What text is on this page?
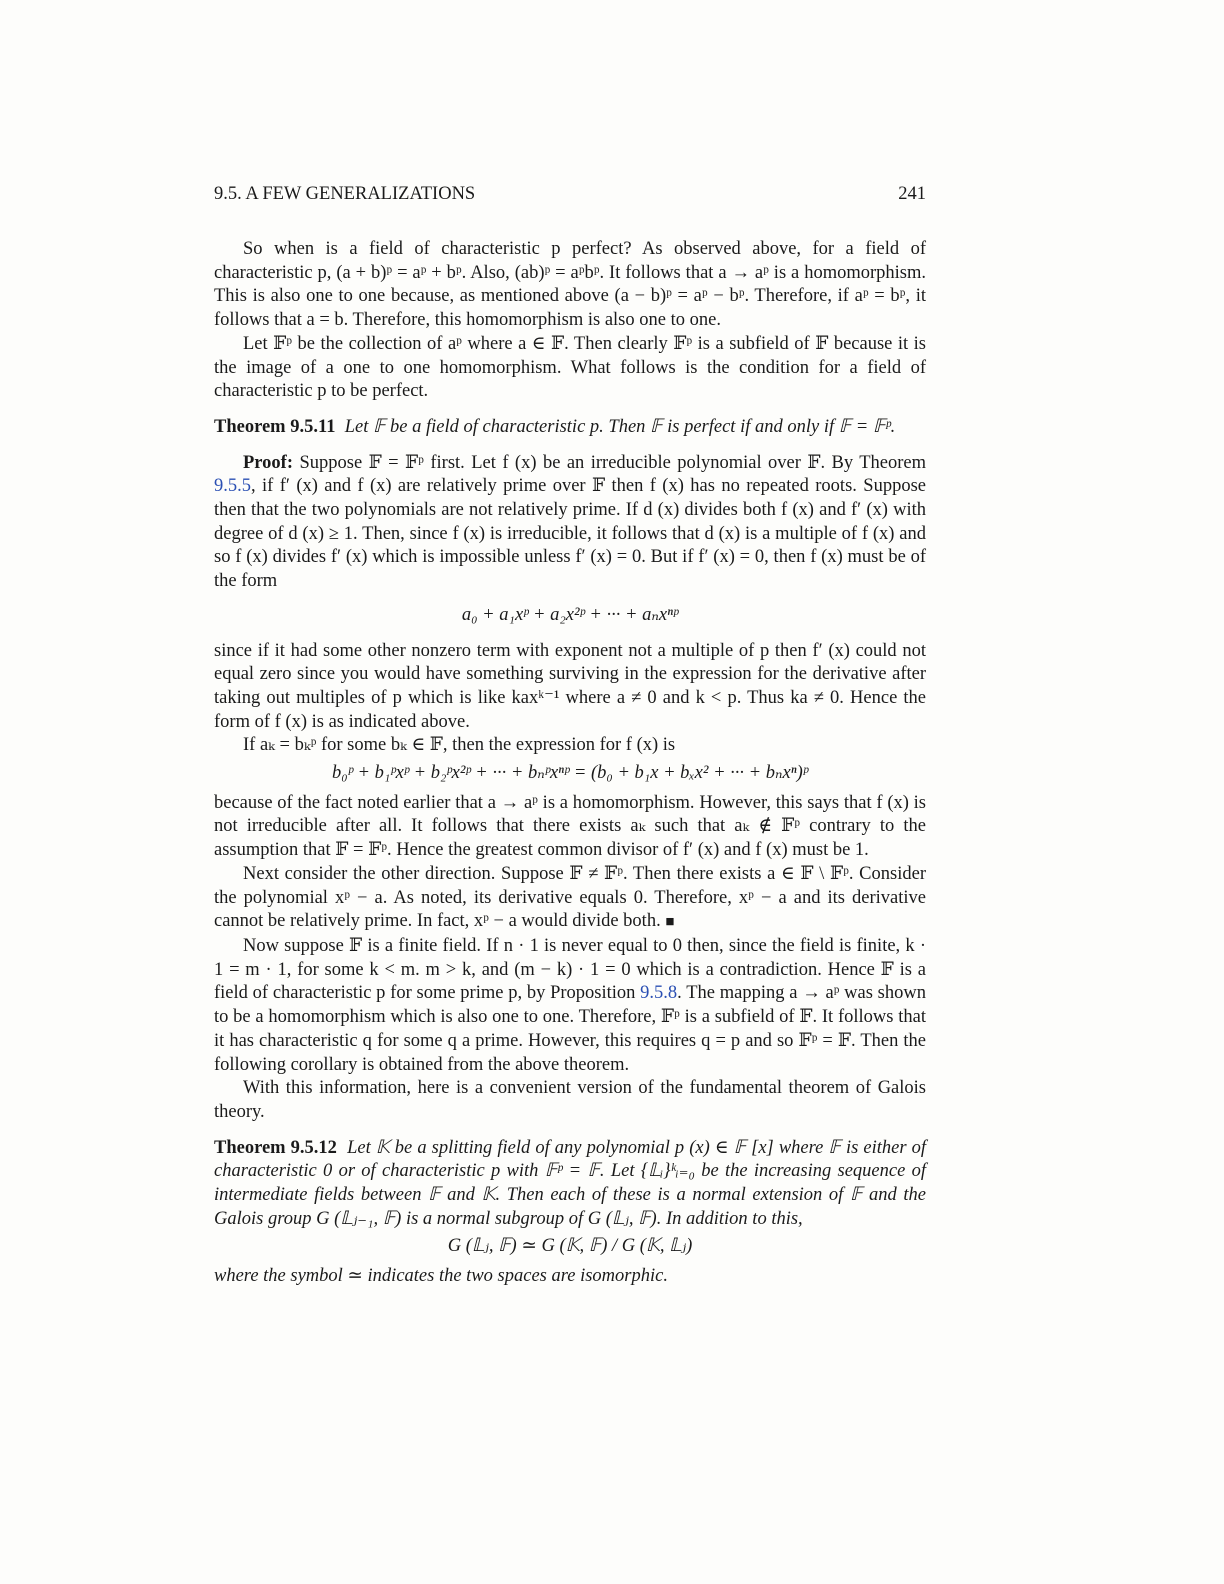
9.5. A FEW GENERALIZATIONS	241

So when is a field of characteristic p perfect? As observed above, for a field of characteristic p, (a + b)ᵖ = aᵖ + bᵖ. Also, (ab)ᵖ = aᵖbᵖ. It follows that a → aᵖ is a homomorphism. This is also one to one because, as mentioned above (a − b)ᵖ = aᵖ − bᵖ. Therefore, if aᵖ = bᵖ, it follows that a = b. Therefore, this homomorphism is also one to one.

Let 𝔽ᵖ be the collection of aᵖ where a ∈ 𝔽. Then clearly 𝔽ᵖ is a subfield of 𝔽 because it is the image of a one to one homomorphism. What follows is the condition for a field of characteristic p to be perfect.

Theorem 9.5.11 Let 𝔽 be a field of characteristic p. Then 𝔽 is perfect if and only if 𝔽 = 𝔽ᵖ.

Proof: Suppose 𝔽 = 𝔽ᵖ first. Let f (x) be an irreducible polynomial over 𝔽. By Theorem 9.5.5, if f′ (x) and f (x) are relatively prime over 𝔽 then f (x) has no repeated roots. Suppose then that the two polynomials are not relatively prime. If d (x) divides both f (x) and f′ (x) with degree of d (x) ≥ 1. Then, since f (x) is irreducible, it follows that d (x) is a multiple of f (x) and so f (x) divides f′ (x) which is impossible unless f′ (x) = 0. But if f′ (x) = 0, then f (x) must be of the form

a₀ + a₁xᵖ + a₂x²ᵖ + ··· + aₙxⁿᵖ

since if it had some other nonzero term with exponent not a multiple of p then f′ (x) could not equal zero since you would have something surviving in the expression for the derivative after taking out multiples of p which is like kaxᵏ⁻¹ where a ≠ 0 and k < p. Thus ka ≠ 0. Hence the form of f (x) is as indicated above.

If aₖ = bₖᵖ for some bₖ ∈ 𝔽, then the expression for f (x) is

b₀ᵖ + b₁ᵖxᵖ + b₂ᵖx²ᵖ + ··· + bₙᵖxⁿᵖ = (b₀ + b₁x + bₓx² + ··· + bₙxⁿ)ᵖ

because of the fact noted earlier that a → aᵖ is a homomorphism. However, this says that f (x) is not irreducible after all. It follows that there exists aₖ such that aₖ ∉ 𝔽ᵖ contrary to the assumption that 𝔽 = 𝔽ᵖ. Hence the greatest common divisor of f′ (x) and f (x) must be 1.

Next consider the other direction. Suppose 𝔽 ≠ 𝔽ᵖ. Then there exists a ∈ 𝔽 \ 𝔽ᵖ. Consider the polynomial xᵖ − a. As noted, its derivative equals 0. Therefore, xᵖ − a and its derivative cannot be relatively prime. In fact, xᵖ − a would divide both. ■

Now suppose 𝔽 is a finite field. If n · 1 is never equal to 0 then, since the field is finite, k · 1 = m · 1, for some k < m. m > k, and (m − k) · 1 = 0 which is a contradiction. Hence 𝔽 is a field of characteristic p for some prime p, by Proposition 9.5.8. The mapping a → aᵖ was shown to be a homomorphism which is also one to one. Therefore, 𝔽ᵖ is a subfield of 𝔽. It follows that it has characteristic q for some q a prime. However, this requires q = p and so 𝔽ᵖ = 𝔽. Then the following corollary is obtained from the above theorem.

With this information, here is a convenient version of the fundamental theorem of Galois theory.

Theorem 9.5.12 Let 𝕂 be a splitting field of any polynomial p (x) ∈ 𝔽 [x] where 𝔽 is either of characteristic 0 or of characteristic p with 𝔽ᵖ = 𝔽. Let {𝕃ᵢ}ᵏᵢ₌₀ be the increasing sequence of intermediate fields between 𝔽 and 𝕂. Then each of these is a normal extension of 𝔽 and the Galois group G (𝕃ⱼ₋₁, 𝔽) is a normal subgroup of G (𝕃ⱼ, 𝔽). In addition to this,

G (𝕃ⱼ, 𝔽) ≃ G (𝕂, 𝔽) / G (𝕂, 𝕃ⱼ)

where the symbol ≃ indicates the two spaces are isomorphic.
